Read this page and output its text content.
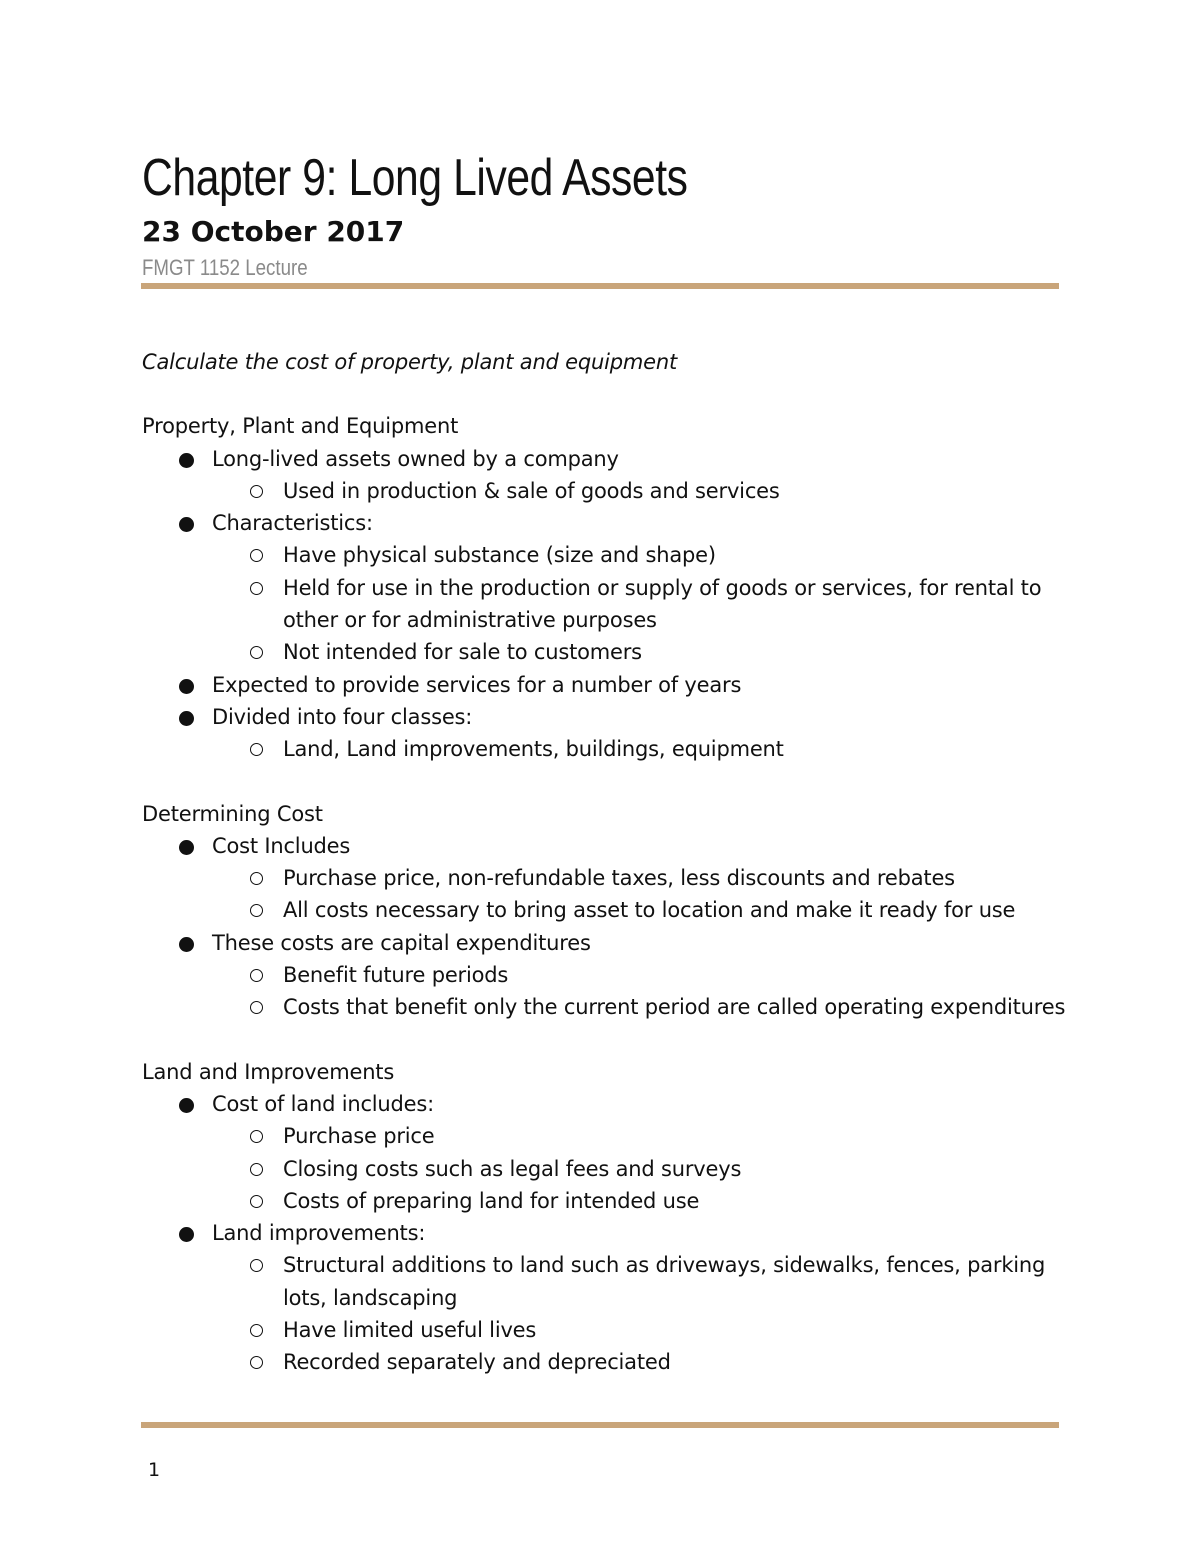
Chapter 9: Long Lived Assets
23 October 2017
FMGT 1152 Lecture

Calculate the cost of property, plant and equipment

Property, Plant and Equipment

Long-lived assets owned by a company
Used in production & sale of goods and services
Characteristics:
Have physical substance (size and shape)
Held for use in the production or supply of goods or services, for rental to other or for administrative purposes
Not intended for sale to customers
Expected to provide services for a number of years
Divided into four classes:
Land, Land improvements, buildings, equipment

Determining Cost

Cost Includes
Purchase price, non-refundable taxes, less discounts and rebates
All costs necessary to bring asset to location and make it ready for use
These costs are capital expenditures
Benefit future periods
Costs that benefit only the current period are called operating expenditures

Land and Improvements

Cost of land includes:
Purchase price
Closing costs such as legal fees and surveys
Costs of preparing land for intended use
Land improvements:
Structural additions to land such as driveways, sidewalks, fences, parking lots, landscaping
Have limited useful lives
Recorded separately and depreciated
1
